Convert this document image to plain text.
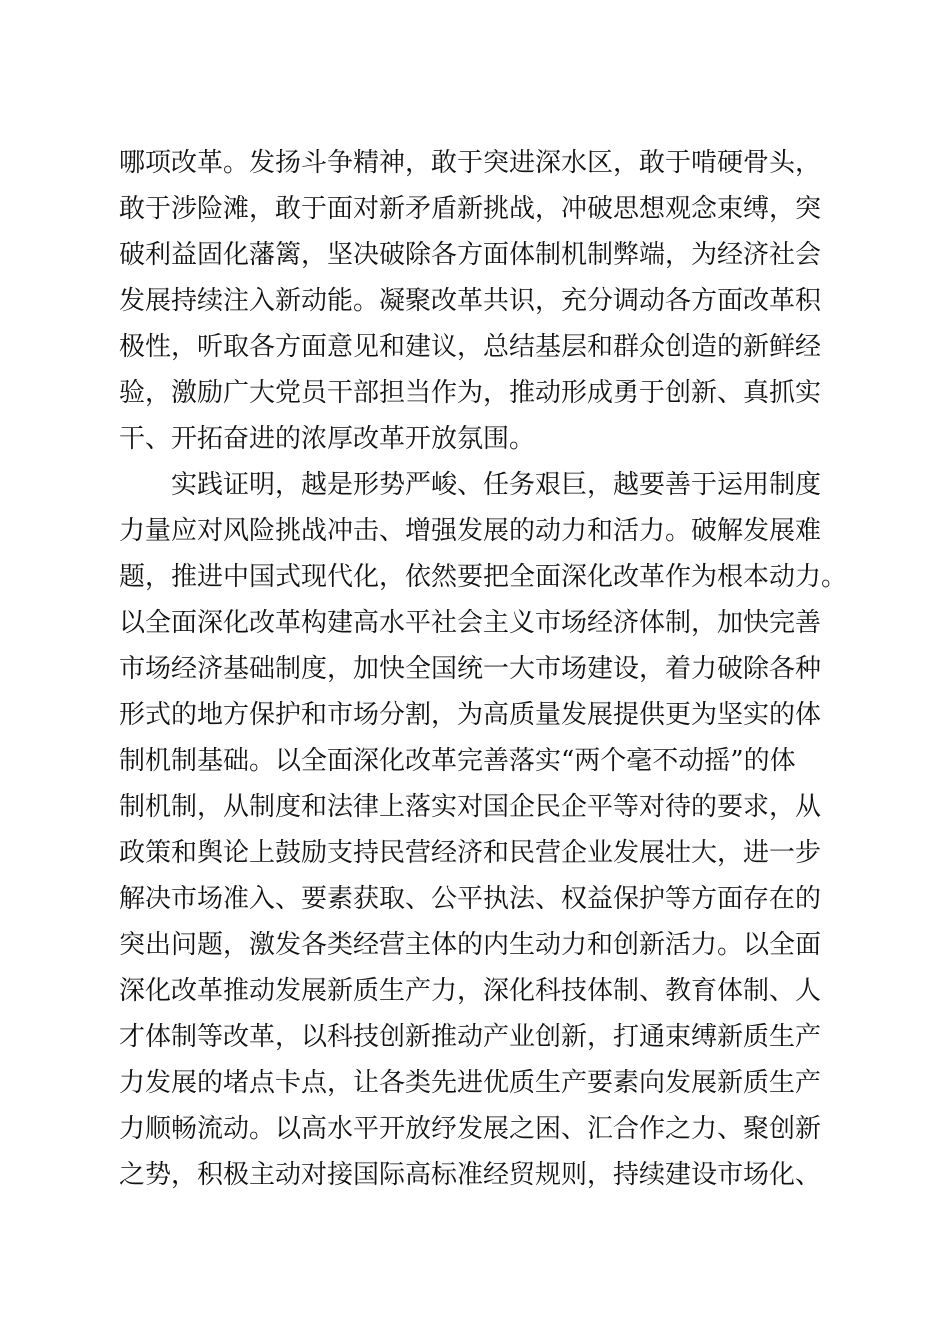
哪项改革。发扬斗争精神，敢于突进深水区，敢于啃硬骨头，
敢于涉险滩，敢于面对新矛盾新挑战，冲破思想观念束缚，突
破利益固化藩篱，坚决破除各方面体制机制弊端，为经济社会
发展持续注入新动能。凝聚改革共识，充分调动各方面改革积
极性，听取各方面意见和建议，总结基层和群众创造的新鲜经
验，激励广大党员干部担当作为，推动形成勇于创新、真抓实
干、开拓奋进的浓厚改革开放氛围。
实践证明，越是形势严峻、任务艰巨，越要善于运用制度
力量应对风险挑战冲击、增强发展的动力和活力。破解发展难
题，推进中国式现代化，依然要把全面深化改革作为根本动力。
以全面深化改革构建高水平社会主义市场经济体制，加快完善
市场经济基础制度，加快全国统一大市场建设，着力破除各种
形式的地方保护和市场分割，为高质量发展提供更为坚实的体
制机制基础。以全面深化改革完善落实“两个毫不动摇”的体
制机制，从制度和法律上落实对国企民企平等对待的要求，从
政策和舆论上鼓励支持民营经济和民营企业发展壮大，进一步
解决市场准入、要素获取、公平执法、权益保护等方面存在的
突出问题，激发各类经营主体的内生动力和创新活力。以全面
深化改革推动发展新质生产力，深化科技体制、教育体制、人
才体制等改革，以科技创新推动产业创新，打通束缚新质生产
力发展的堵点卡点，让各类先进优质生产要素向发展新质生产
力顺畅流动。以高水平开放纾发展之困、汇合作之力、聚创新
之势，积极主动对接国际高标准经贸规则，持续建设市场化、
